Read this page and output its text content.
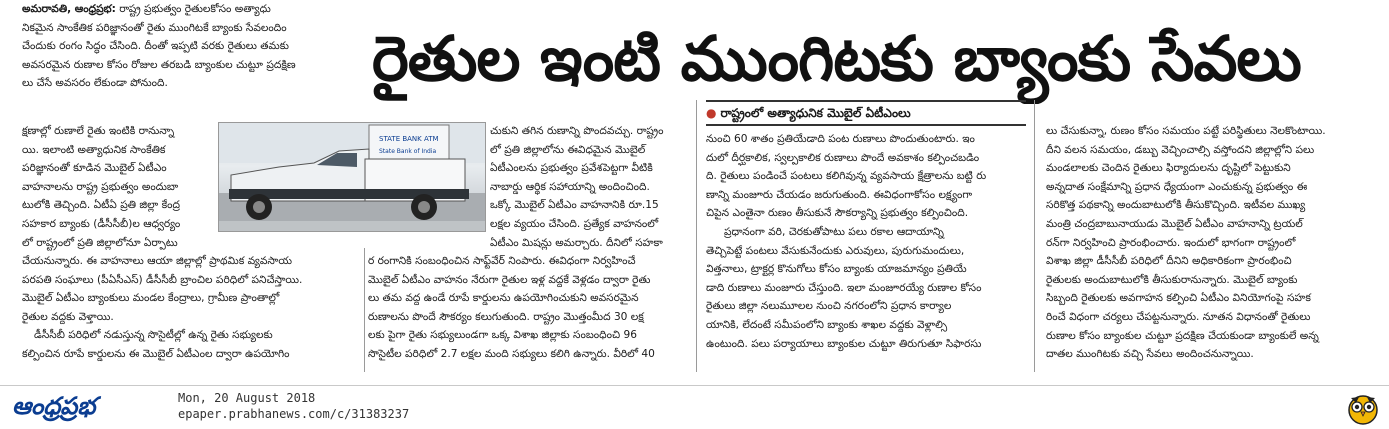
రైతుల ఇంటి ముంగిటకు బ్యాంకు సేవలు
అమరావతి, ఆంధ్రప్రభ: రాష్ట్ర ప్రభుత్వం రైతులకోసం అత్యాధు
నికమైన సాంకేతిక పరిజ్ఞానంతో రైతు ముంగిటకే బ్యాంకు సేవలందిం
చేందుకు రంగం సిద్ధం చేసింది. దీంతో ఇప్పటి వరకు రైతులు తమకు
అవసరమైన రుణాల కోసం రోజుల తరబడి బ్యాంకుల చుట్టూ ప్రదక్షిణ
లు చేసే అవసరం లేకుండా పోనుంది.
క్షణాల్లో రుణాలే రైతు ఇంటికి రానున్నా
యి. ఇలాంటి అత్యాధునిక సాంకేతిక
పరిజ్ఞానంతో కూడిన మొబైల్ ఏటీఎం
వాహనాలను రాష్ట్ర ప్రభుత్వం అందుబా
టులోకి తెచ్చింది. ఏటీఏ ప్రతి జిల్లా కేంద్ర
సహకార బ్యాంకు (డీసీసీబీ)ల ఆధ్వర్యం
లో రాష్ట్రంలో ప్రతి జిల్లాలోనూ ఏర్పాటు
చేయనున్నారు. ఈ వాహనాలు ఆయా జిల్లాల్లో ప్రాథమిక వ్యవసాయ
పరపతి సంఘాలు (పీఏసీఎస్) డీసీసీబీ బ్రాంచిల పరిధిలో పనిచేస్తాయి.
మొబైల్ ఏటీఎం బ్యాంకులు మండల కేంద్రాలు, గ్రామీణ ప్రాంతాల్లో
రైతుల వద్దకు వెళ్తాయి.
డీసీసీబీ పరిధిలో నడుస్తున్న సొసైటీల్లో ఉన్న రైతు సభ్యులకు
కల్పించిన రూపే కార్డులను ఈ మొబైల్ ఏటీఎంల ద్వారా ఉపయోగిం
STATE BANK ATM
State Bank of India
● రాష్ట్రంలో అత్యాధునిక మొబైల్ ఏటీఎంలు
చుకుని తగిన రుణాన్ని పొందవచ్చు. రాష్ట్రం
లో ప్రతి జిల్లాలోను ఈవిధమైన మొబైల్
ఏటీఎంలను ప్రభుత్వం ప్రవేశపెట్టగా వీటికి
నాబార్డు ఆర్థిక సహాయాన్ని అందించింది.
ఒక్కో మొబైల్ ఏటీఎం వాహనానికి రూ.15
లక్షల వ్యయం చేసింది. ప్రత్యేక వాహనంలో
ఏటీఎం మిషన్లు అమర్చారు. దీనిలో సహకా
ర రంగానికి సంబంధించిన సాఫ్ట్‌వేర్ నింపారు. ఈవిధంగా నిర్వహించే
మొబైల్ ఏటీఎం వాహనం నేరుగా రైతుల ఇళ్ల వద్దకే వెళ్లడం ద్వారా రైతు
లు తమ వద్ద ఉండే రూపే కార్డులను ఉపయోగించుకుని అవసరమైన
రుణాలను పొందే సౌకర్యం కలుగుతుంది. రాష్ట్రం మొత్తంమీద 30 లక్ష
లకు పైగా రైతు సభ్యులుండగా ఒక్క విశాఖ జిల్లాకు సంబంధించి 96
సొసైటీల పరిధిలో 2.7 లక్షల మంది సభ్యులు కలిగి ఉన్నారు. వీరిలో 40
నుంచి 60 శాతం ప్రతియేడాది పంట రుణాలు పొందుతుంటారు. ఇం
దులో దీర్ఘకాలిక, స్వల్పకాలిక రుణాలు పొందే అవకాశం కల్పించబడిం
ది. రైతులు పండించే పంటలు కలిగివున్న వ్యవసాయ క్షేత్రాలను బట్టి రు
ణాన్ని మంజూరు చేయడం జరుగుతుంది. ఈవిధంగాకోసం లక్ష్యంగా
చిపైన ఎంతైనా రుణం తీసుకునే సౌకర్యాన్ని ప్రభుత్వం కల్పించింది.
ప్రధానంగా వరి, చెరకుతోపాటు పలు రకాల ఆదాయాన్ని
తెచ్చిపెట్టే పంటలు వేసుకునేందుకు ఎరువులు, పురుగుమందులు,
విత్తనాలు, ట్రాక్టర్ల కొనుగోలు కోసం బ్యాంకు యాజమాన్యం ప్రతియే
డాది రుణాలు మంజూరు చేస్తుంది. ఇలా మంజూరయ్యే రుణాల కోసం
రైతులు జిల్లా నలుమూలల నుంచి నగరంలోని ప్రధాన కార్యాల
యానికి, లేదంటే సమీపంలోని బ్యాంకు శాఖల వద్దకు వెళ్లాల్సి
ఉంటుంది. పలు పర్యాయాలు బ్యాంకుల చుట్టూ తిరుగుతూ సిఫారసు
లు చేసుకున్నా, రుణం కోసం సమయం పట్టే పరిస్థితులు నెలకొంటాయి.
దీని వలన సమయం, డబ్బు వెచ్చించాల్సి వస్తోందని జిల్లాల్లోని పలు
మండలాలకు చెందిన రైతులు ఫిర్యాదులను దృష్టిలో పెట్టుకుని
అన్నదాత సంక్షేమాన్ని ప్రధాన ధ్యేయంగా ఎంచుకున్న ప్రభుత్వం ఈ
సరికొత్త పథకాన్ని అందుబాటులోకి తీసుకొచ్చింది. ఇటీవల ముఖ్య
మంత్రి చంద్రబాబునాయుడు మొబైల్ ఏటీఎం వాహనాన్ని ట్రయల్
రన్‌గా నిర్వహించి ప్రారంభించారు. ఇందులో భాగంగా రాష్ట్రంలో
విశాఖ జిల్లా డీసీసీబీ పరిధిలో దీనిని అధికారికంగా ప్రారంభించి
రైతులకు అందుబాటులోకి తీసుకురానున్నారు. మొబైల్ బ్యాంకు
సిబ్బంది రైతులకు అవగాహన కల్పించి ఏటీఎం వినియోగంపై సహక
రించే విధంగా చర్యలు చేపట్టనున్నారు. నూతన విధానంతో రైతులు
రుణాల కోసం బ్యాంకుల చుట్టూ ప్రదక్షిణ చేయకుండా బ్యాంకులే అన్న
దాతల ముంగిటకు వచ్చి సేవలు అందించనున్నాయి.
ఆంధ్రప్రభ	Mon, 20 August 2018
epaper.prabhanews.com/c/31383237
